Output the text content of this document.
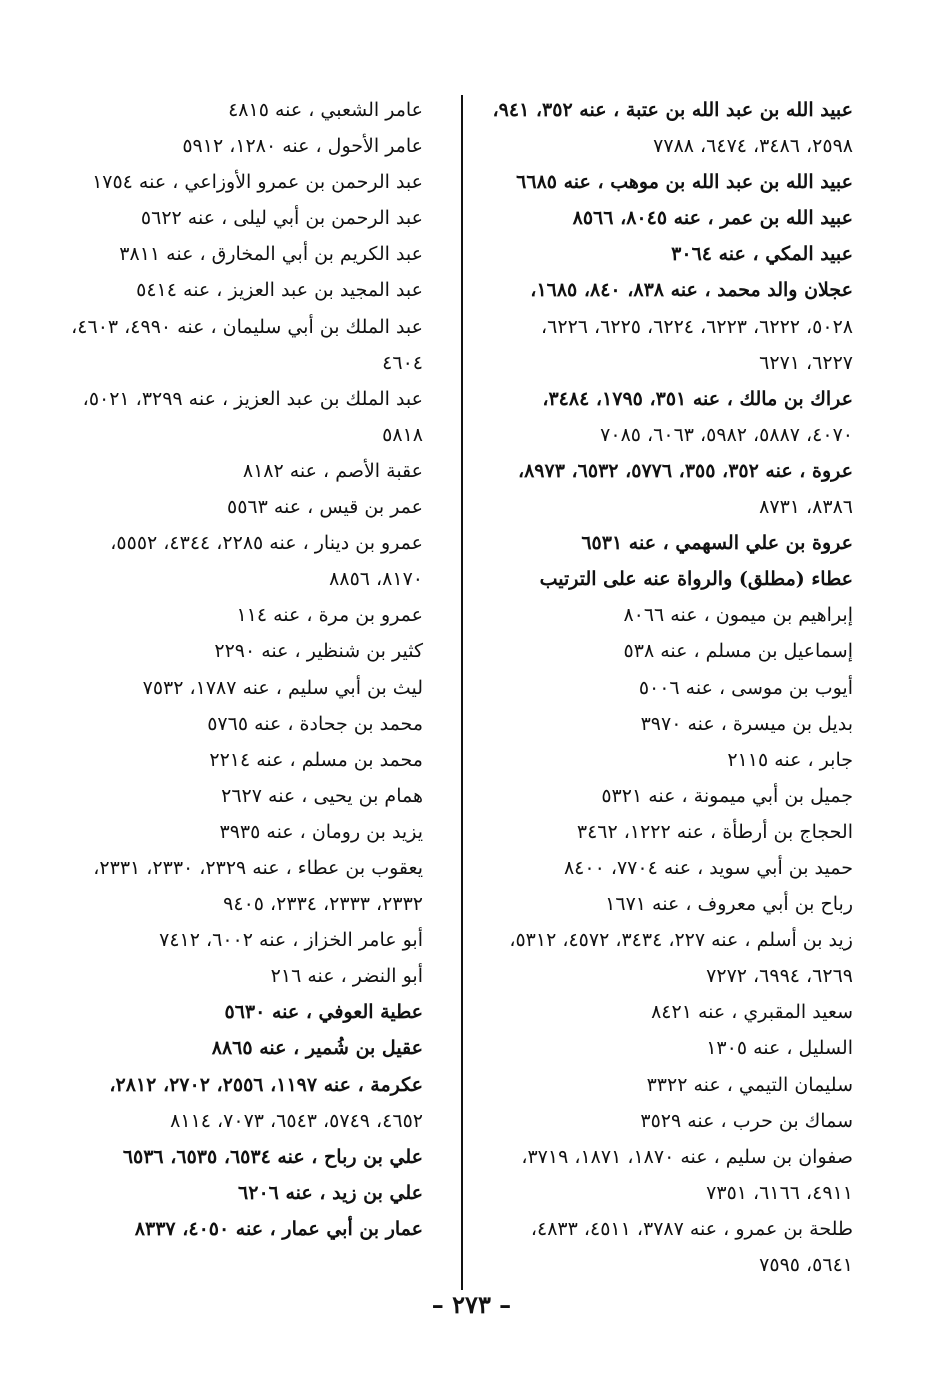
عبيد الله بن عبد الله بن عتبة ، عنه ٣٥٢، ٩٤١،
٢٥٩٨، ٣٤٨٦، ٦٤٧٤، ٧٧٨٨
عبيد الله بن عبد الله بن موهب ، عنه ٦٦٨٥
عبيد الله بن عمر ، عنه ٨٠٤٥، ٨٥٦٦
عبيد المكي ، عنه ٣٠٦٤
عجلان والد محمد ، عنه ٨٣٨، ٨٤٠، ١٦٨٥،
٥٠٢٨، ٦٢٢٢، ٦٢٢٣، ٦٢٢٤، ٦٢٢٥، ٦٢٢٦،
٦٢٢٧، ٦٢٧١
عراك بن مالك ، عنه ٣٥١، ١٧٩٥، ٣٤٨٤،
٤٠٧٠، ٥٨٨٧، ٥٩٨٢، ٦٠٦٣، ٧٠٨٥
عروة ، عنه ٣٥٢، ٣٥٥، ٥٧٧٦، ٦٥٣٢، ٨٩٧٣،
٨٣٨٦، ٨٧٣١
عروة بن علي السهمي ، عنه ٦٥٣١
عطاء (مطلق) والرواة عنه على الترتيب
إبراهيم بن ميمون ، عنه ٨٠٦٦
إسماعيل بن مسلم ، عنه ٥٣٨
أيوب بن موسى ، عنه ٥٠٠٦
بديل بن ميسرة ، عنه ٣٩٧٠
جابر ، عنه ٢١١٥
جميل بن أبي ميمونة ، عنه ٥٣٢١
الحجاج بن أرطأة ، عنه ١٢٢٢، ٣٤٦٢
حميد بن أبي سويد ، عنه ٧٧٠٤، ٨٤٠٠
رباح بن أبي معروف ، عنه ١٦٧١
زيد بن أسلم ، عنه ٢٢٧، ٣٤٣٤، ٤٥٧٢، ٥٣١٢،
٦٢٦٩، ٦٩٩٤، ٧٢٧٢
سعيد المقبري ، عنه ٨٤٢١
السليل ، عنه ١٣٠٥
سليمان التيمي ، عنه ٣٣٢٢
سماك بن حرب ، عنه ٣٥٢٩
صفوان بن سليم ، عنه ١٨٧٠، ١٨٧١، ٣٧١٩،
٤٩١١، ٦١٦٦، ٧٣٥١
طلحة بن عمرو ، عنه ٣٧٨٧، ٤٥١١، ٤٨٣٣،
٥٦٤١، ٧٥٩٥
عامر الشعبي ، عنه ٤٨١٥
عامر الأحول ، عنه ١٢٨٠، ٥٩١٢
عبد الرحمن بن عمرو الأوزاعي ، عنه ١٧٥٤
عبد الرحمن بن أبي ليلى ، عنه ٥٦٢٢
عبد الكريم بن أبي المخارق ، عنه ٣٨١١
عبد المجيد بن عبد العزيز ، عنه ٥٤١٤
عبد الملك بن أبي سليمان ، عنه ٤٩٩٠، ٤٦٠٣،
٤٦٠٤
عبد الملك بن عبد العزيز ، عنه ٣٢٩٩، ٥٠٢١،
٥٨١٨
عقبة الأصم ، عنه ٨١٨٢
عمر بن قيس ، عنه ٥٥٦٣
عمرو بن دينار ، عنه ٢٢٨٥، ٤٣٤٤، ٥٥٥٢،
٨١٧٠، ٨٨٥٦
عمرو بن مرة ، عنه ١١٤
كثير بن شنظير ، عنه ٢٢٩٠
ليث بن أبي سليم ، عنه ١٧٨٧، ٧٥٣٢
محمد بن جحادة ، عنه ٥٧٦٥
محمد بن مسلم ، عنه ٢٢١٤
همام بن يحيى ، عنه ٢٦٢٧
يزيد بن رومان ، عنه ٣٩٣٥
يعقوب بن عطاء ، عنه ٢٣٢٩، ٢٣٣٠، ٢٣٣١،
٢٣٣٢، ٢٣٣٣، ٢٣٣٤، ٩٤٠٥
أبو عامر الخزاز ، عنه ٦٠٠٢، ٧٤١٢
أبو النضر ، عنه ٢١٦
عطية العوفي ، عنه ٥٦٣٠
عقيل بن شُمير ، عنه ٨٨٦٥
عكرمة ، عنه ١١٩٧، ٢٥٥٦، ٢٧٠٢، ٢٨١٢،
٤٦٥٢، ٥٧٤٩، ٦٥٤٣، ٧٠٧٣، ٨١١٤
علي بن رباح ، عنه ٦٥٣٤، ٦٥٣٥، ٦٥٣٦
علي بن زيد ، عنه ٦٢٠٦
عمار بن أبي عمار ، عنه ٤٠٥٠، ٨٣٣٧
– ٢٧٣ –
